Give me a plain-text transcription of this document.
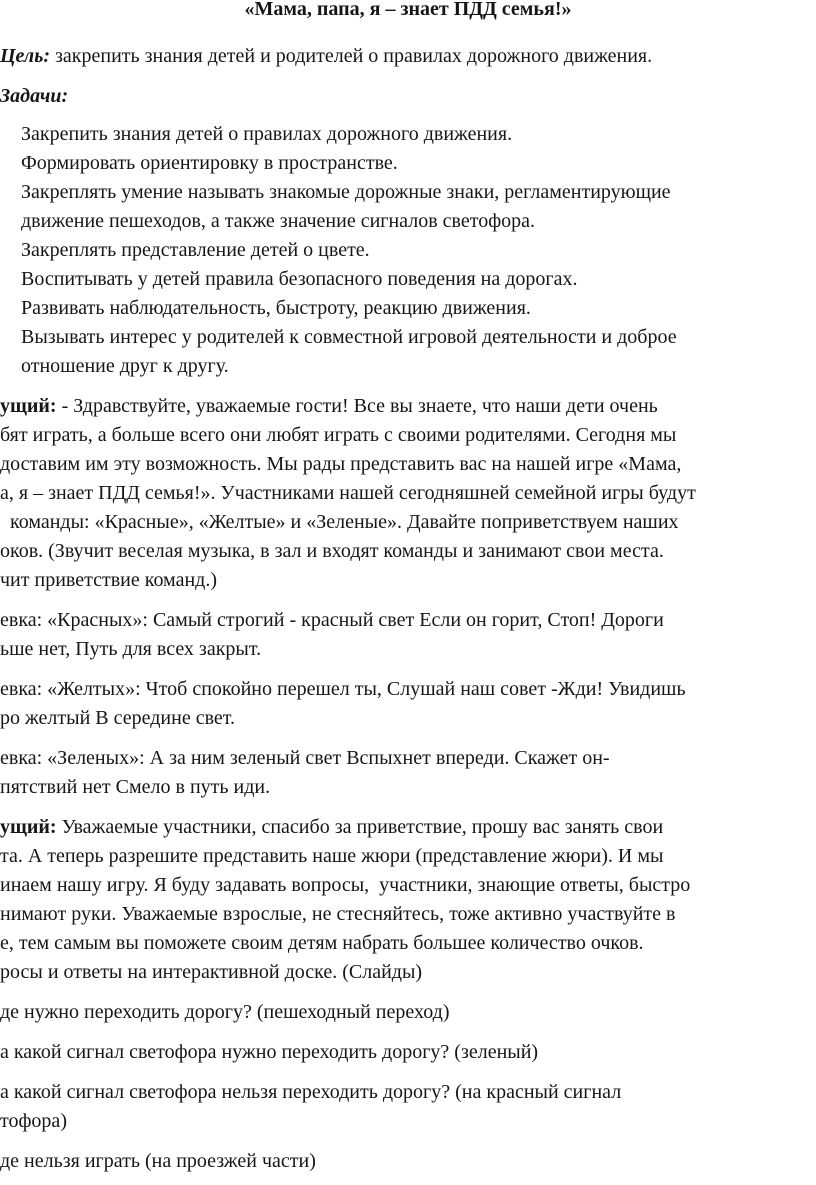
«Мама, папа, я – знает ПДД семья!»
Цель: закрепить знания детей и родителей о правилах дорожного движения.
Задачи:
Закрепить знания детей о правилах дорожного движения.
Формировать ориентировку в пространстве.
Закреплять умение называть знакомые дорожные знаки, регламентирующие
движение пешеходов, а также значение сигналов светофора.
Закреплять представление детей о цвете.
Воспитывать у детей правила безопасного поведения на дорогах.
Развивать наблюдательность, быстроту, реакцию движения.
Вызывать интерес у родителей к совместной игровой деятельности и доброе
отношение друг к другу.
ущий: - Здравствуйте, уважаемые гости! Все вы знаете, что наши дети очень
бят играть, а больше всего они любят играть с своими родителями. Сегодня мы
доставим им эту возможность. Мы рады представить вас на нашей игре «Мама,
а, я – знает ПДД семья!». Участниками нашей сегодняшней семейной игры будут
команды: «Красные», «Желтые» и «Зеленые». Давайте поприветствуем наших
оков. (Звучит веселая музыка, в зал и входят команды и занимают свои места.
чит приветствие команд.)
евка: «Красных»: Самый строгий - красный свет Если он горит, Стоп! Дороги
ьше нет, Путь для всех закрыт.
евка: «Желтых»: Чтоб спокойно перешел ты, Слушай наш совет -Жди! Увидишь
ро желтый В середине свет.
евка: «Зеленых»: А за ним зеленый свет Вспыхнет впереди. Скажет он-
пятствий нет Смело в путь иди.
ущий: Уважаемые участники, спасибо за приветствие, прошу вас занять свои
та. А теперь разрешите представить наше жюри (представление жюри). И мы
инаем нашу игру. Я буду задавать вопросы,  участники, знающие ответы, быстро
нимают руки. Уважаемые взрослые, не стесняйтесь, тоже активно участвуйте в
е, тем самым вы поможете своим детям набрать большее количество очков.
росы и ответы на интерактивной доске. (Слайды)
де нужно переходить дорогу? (пешеходный переход)
а какой сигнал светофора нужно переходить дорогу? (зеленый)
а какой сигнал светофора нельзя переходить дорогу? (на красный сигнал
тофора)
де нельзя играть (на проезжей части)
